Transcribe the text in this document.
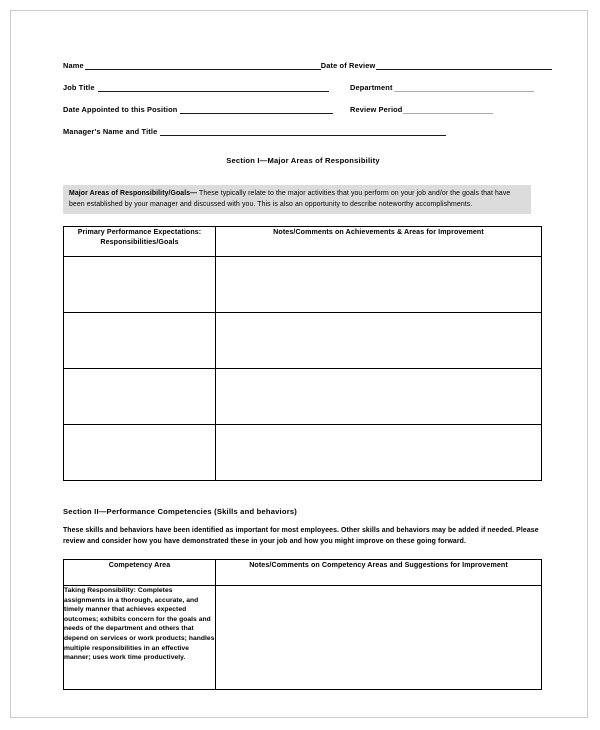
Name	Date of Review
Job Title	Department
Date Appointed to this Position	Review Period
Manager's Name and Title
Section I—Major Areas of Responsibility
Major Areas of Responsibility/Goals— These typically relate to the major activities that you perform on your job and/or the goals that have been established by your manager and discussed with you. This is also an opportunity to describe noteworthy accomplishments.
Primary Performance Expectations: Responsibilities/Goals	Notes/Comments on Achievements & Areas for Improvement

Section II—Performance Competencies (Skills and behaviors)
These skills and behaviors have been identified as important for most employees. Other skills and behaviors may be added if needed. Please review and consider how you have demonstrated these in your job and how you might improve on these going forward.
Competency Area	Notes/Comments on Competency Areas and Suggestions for Improvement
Taking Responsibility: Completes assignments in a thorough, accurate, and timely manner that achieves expected outcomes; exhibits concern for the goals and needs of the department and others that depend on services or work products; handles multiple responsibilities in an effective manner; uses work time productively.	
